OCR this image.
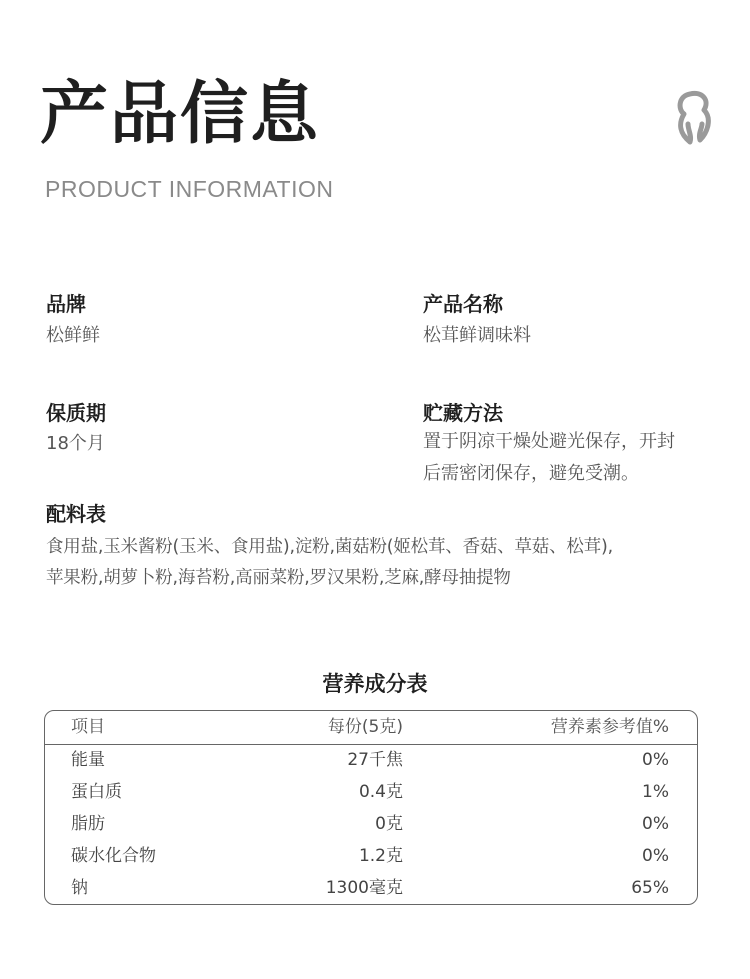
产品信息

PRODUCT INFORMATION

品牌

松鲜鲜

产品名称

松茸鲜调味料

保质期

18个月

贮藏方法

置于阴凉干燥处避光保存，开封

后需密闭保存，避免受潮。

配料表

食用盐,玉米酱粉(玉米、食用盐),淀粉,菌菇粉(姬松茸、香菇、草菇、松茸),

苹果粉,胡萝卜粉,海苔粉,高丽菜粉,罗汉果粉,芝麻,酵母抽提物

营养成分表

项目	每份(5克)	营养素参考值%
能量	27千焦	0%
蛋白质	0.4克	1%
脂肪	0克	0%
碳水化合物	1.2克	0%
钠	1300毫克	65%
